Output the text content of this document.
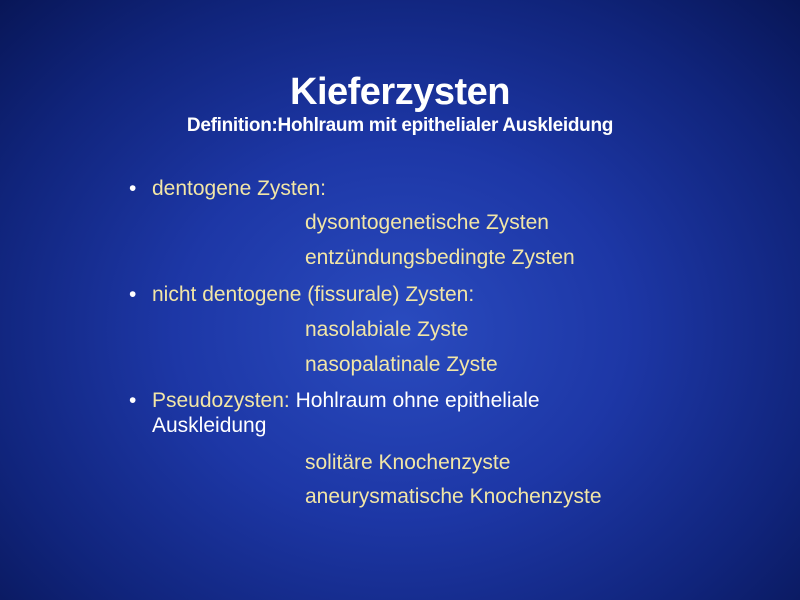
Kieferzysten
Definition:Hohlraum mit epithelialer Auskleidung
• dentogene Zysten:
dysontogenetische Zysten
entzündungsbedingte Zysten
• nicht dentogene (fissurale) Zysten:
nasolabiale Zyste
nasopalatinale Zyste
• Pseudozysten: Hohlraum ohne epitheliale
Auskleidung
solitäre Knochenzyste
aneurysmatische Knochenzyste
